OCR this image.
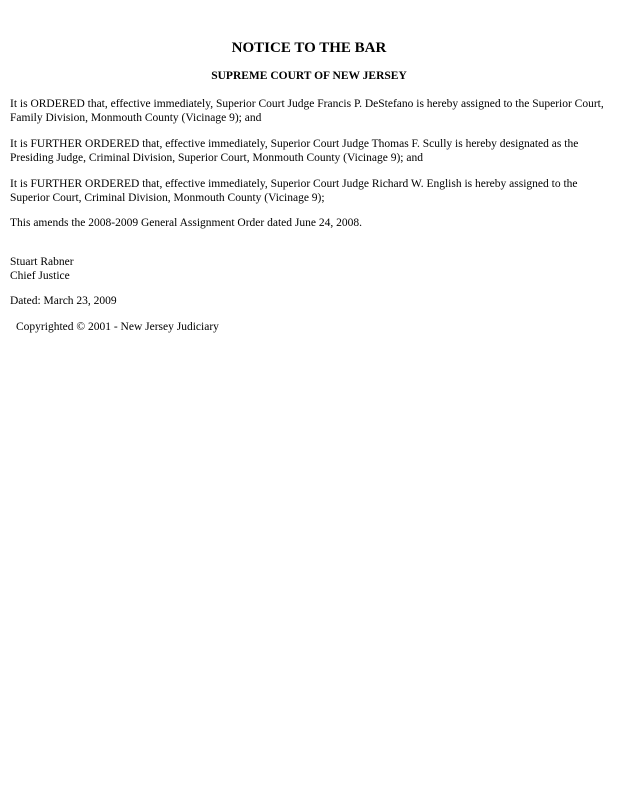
NOTICE TO THE BAR
SUPREME COURT OF NEW JERSEY

It is ORDERED that, effective immediately, Superior Court Judge Francis P. DeStefano is hereby assigned to the Superior Court, Family Division, Monmouth County (Vicinage 9); and

It is FURTHER ORDERED that, effective immediately, Superior Court Judge Thomas F. Scully is hereby designated as the Presiding Judge, Criminal Division, Superior Court, Monmouth County (Vicinage 9); and

It is FURTHER ORDERED that, effective immediately, Superior Court Judge Richard W. English is hereby assigned to the Superior Court, Criminal Division, Monmouth County (Vicinage 9);

This amends the 2008-2009 General Assignment Order dated June 24, 2008.

Stuart Rabner
Chief Justice
Dated: March 23, 2009
Copyrighted © 2001 - New Jersey Judiciary
